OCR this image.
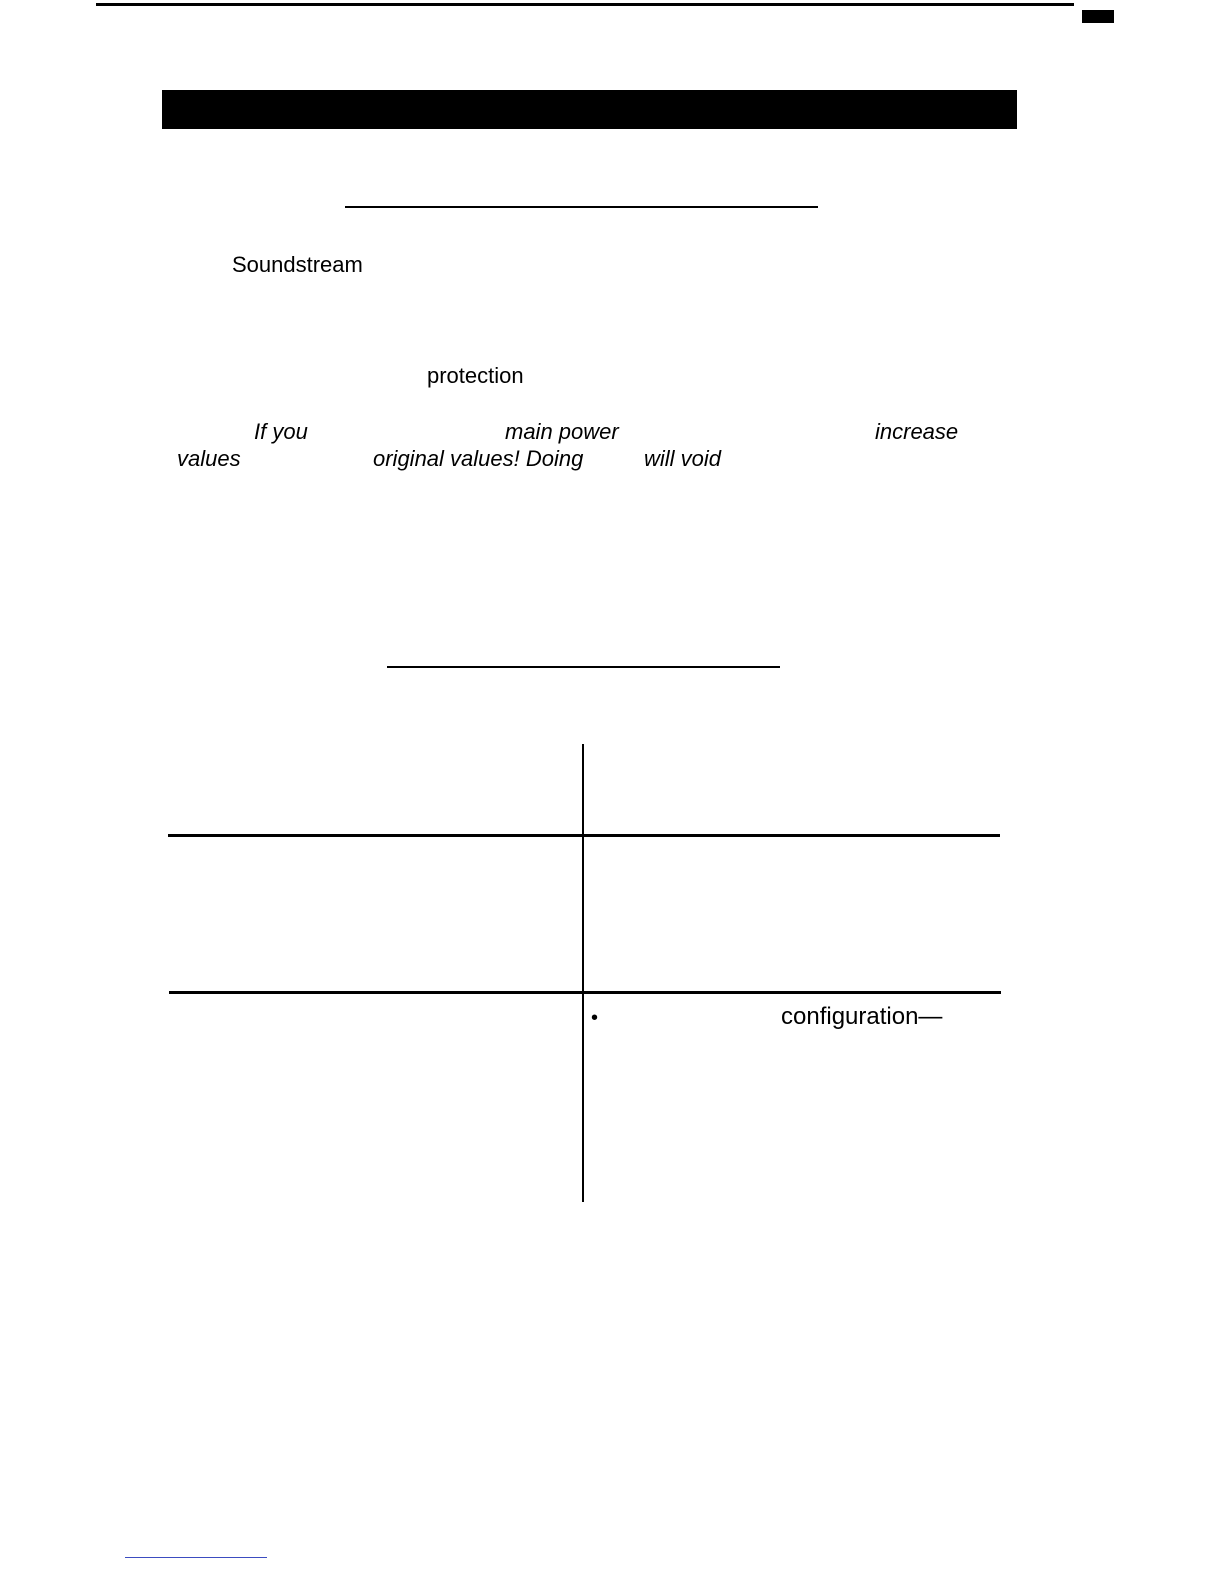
Soundstream
protection
If you	main power	increase
values	original values! Doing	will void
•	configuration—
